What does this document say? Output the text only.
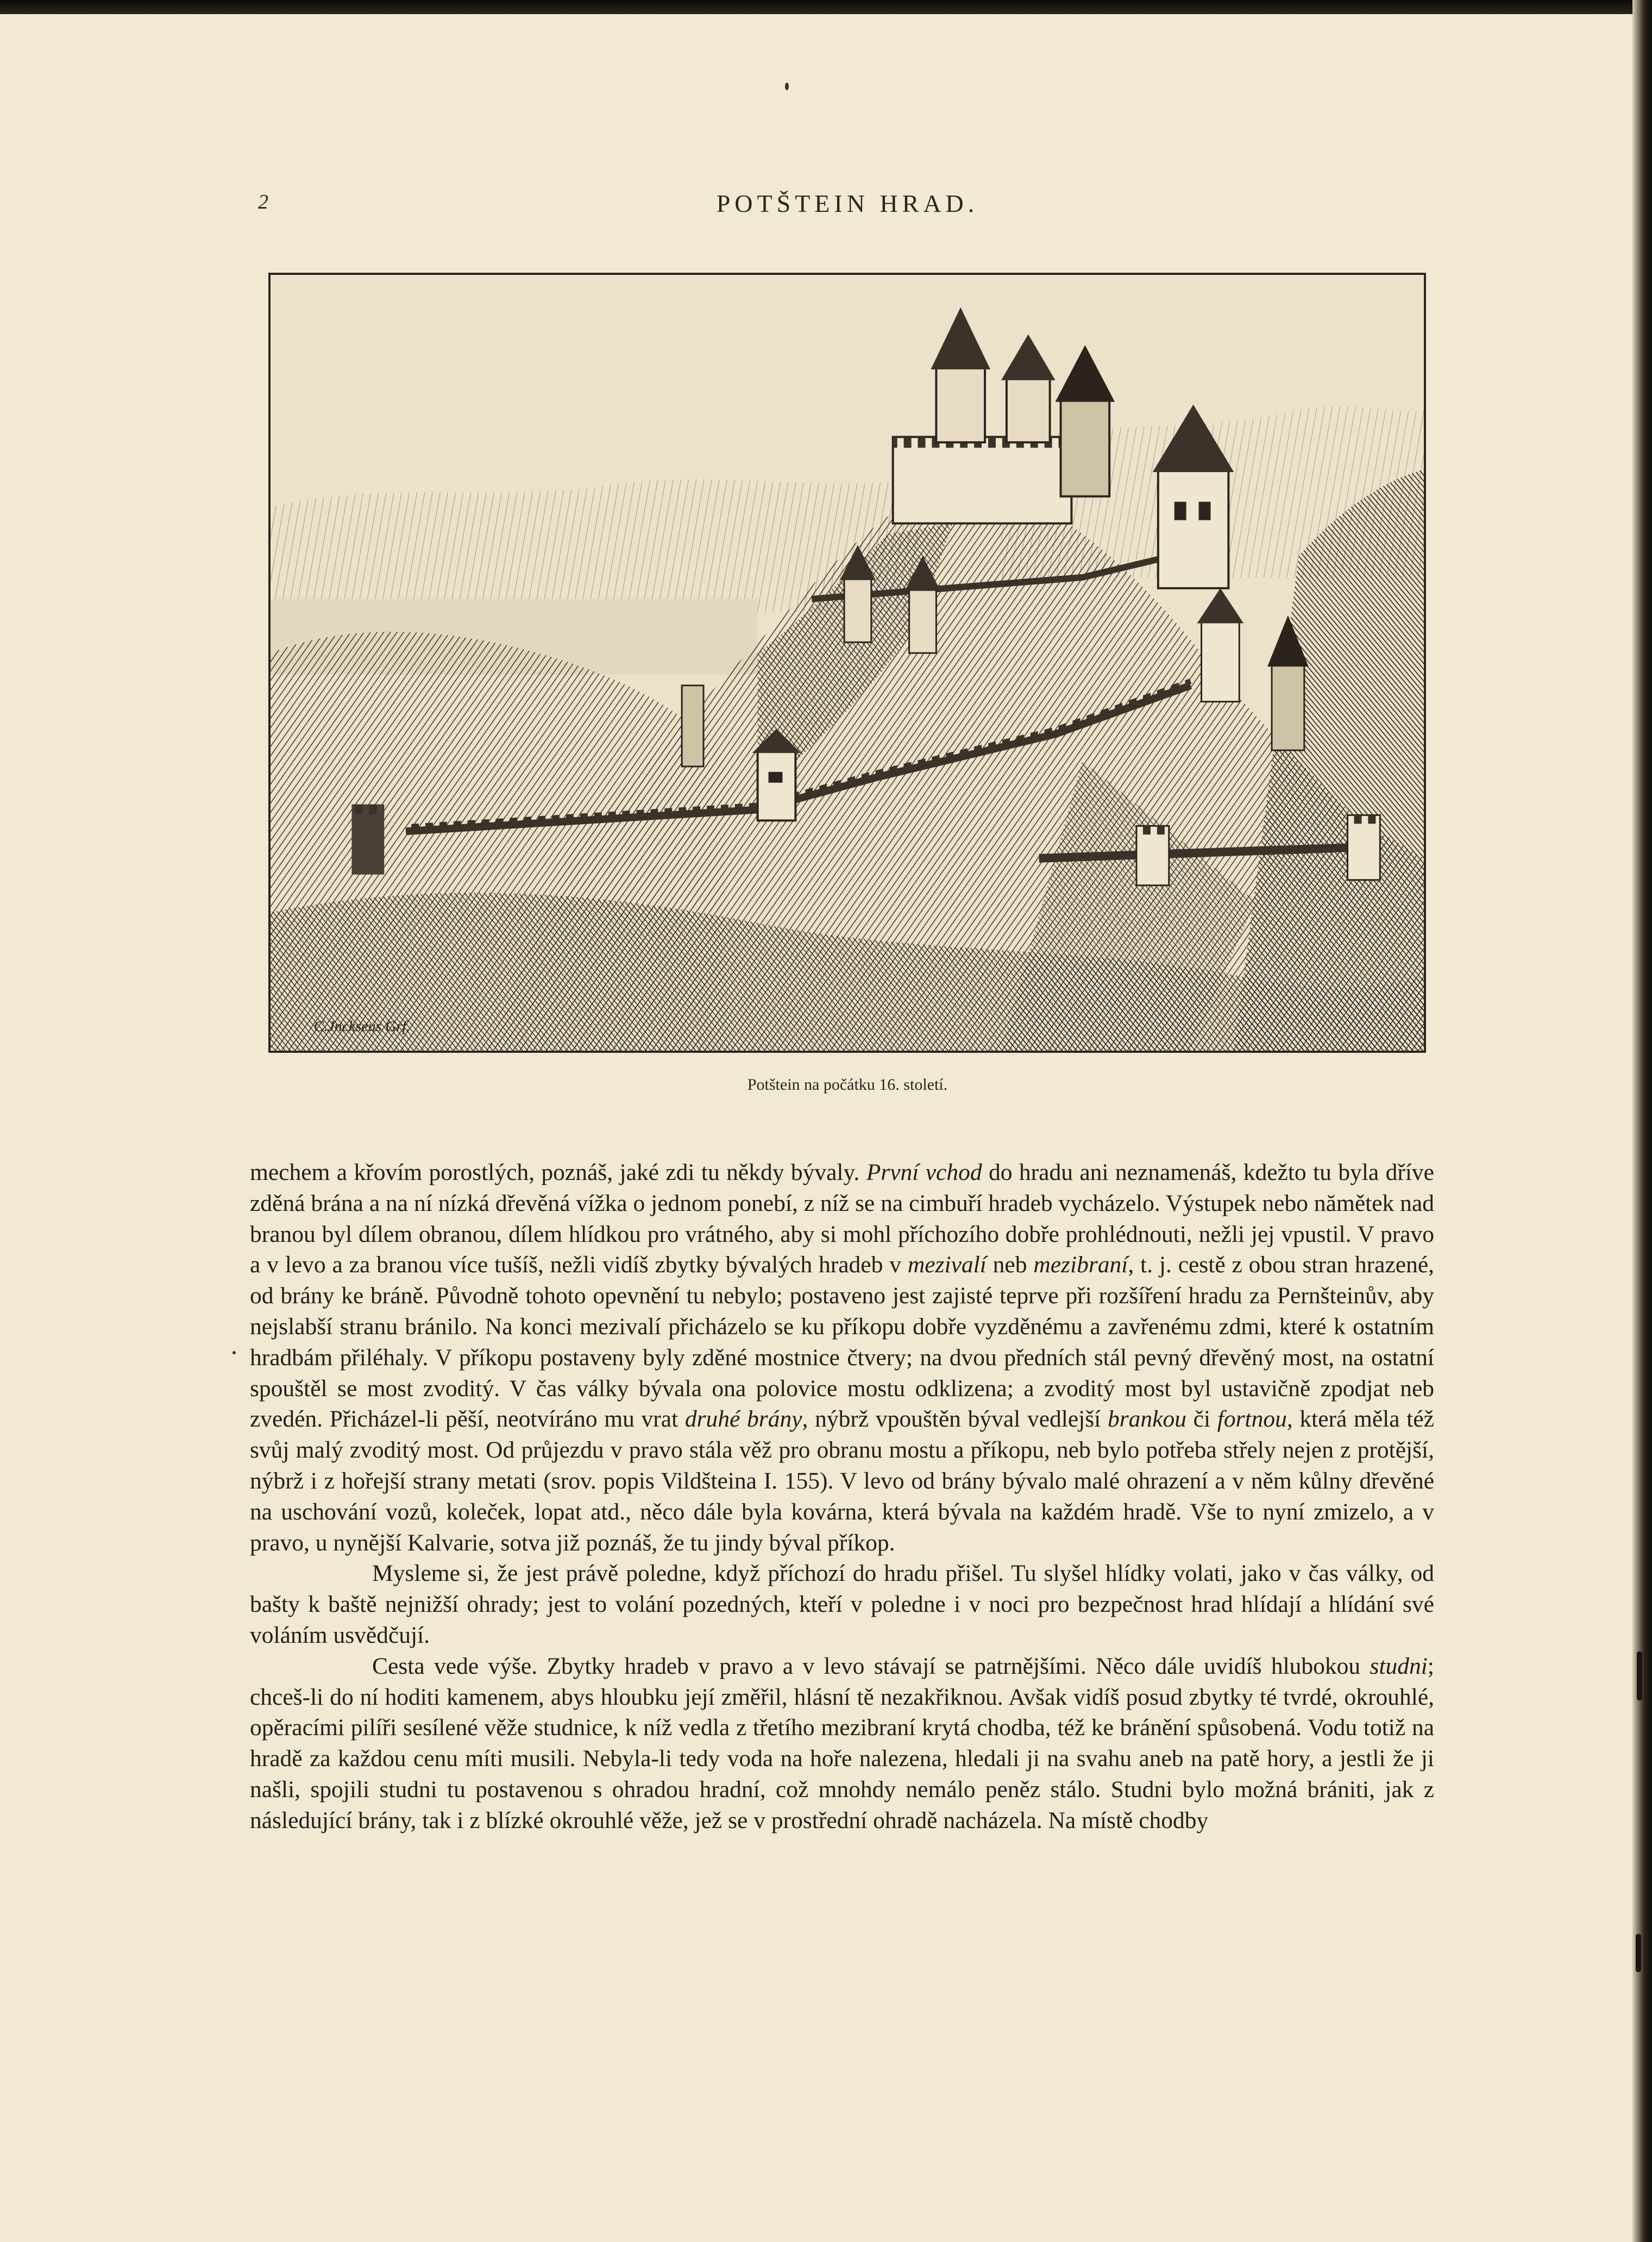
2	POTŠTEIN HRAD.
C.Jnckseus Grf.
Potštein na počátku 16. století.

mechem a křovím porostlých, poznáš, jaké zdi tu někdy bývaly. První vchod do hradu ani neznamenáš, kdežto tu byla dříve zděná brána a na ní nízká dřevěná vížka o jednom ponebí, z níž se na cimbuří hradeb vycházelo. Výstupek nebo nămětek nad branou byl dílem obranou, dílem hlídkou pro vrátného, aby si mohl příchozího dobře prohlédnouti, nežli jej vpustil. V pravo a v levo a za branou více tušíš, nežli vidíš zbytky bývalých hradeb v mezivalí neb mezibraní, t. j. cestě z obou stran hrazené, od brány ke bráně. Původně tohoto opevnění tu nebylo; postaveno jest zajisté teprve při rozšíření hradu za Pernšteinův, aby nejslabší stranu bránilo. Na konci mezivalí přicházelo se ku příkopu dobře vyzděnému a zavřenému zdmi, které k ostatním hradbám přiléhaly. V příkopu postaveny byly zděné mostnice čtvery; na dvou předních stál pevný dřevěný most, na ostatní spouštěl se most zvoditý. V čas války bývala ona polovice mostu odklizena; a zvoditý most byl ustavičně zpodjat neb zvedén. Přicházel-li pěší, neotvíráno mu vrat druhé brány, nýbrž vpouštěn býval vedlejší brankou či fortnou, která měla též svůj malý zvoditý most. Od průjezdu v pravo stála věž pro obranu mostu a příkopu, neb bylo potřeba střely nejen z protější, nýbrž i z hořejší strany metati (srov. popis Vildšteina I. 155). V levo od brány bývalo malé ohrazení a v něm kůlny dřevěné na uschování vozů, koleček, lopat atd., něco dále byla kovárna, která bývala na každém hradě. Vše to nyní zmizelo, a v pravo, u nynější Kalvarie, sotva již poznáš, že tu jindy býval příkop.

Mysleme si, že jest právě poledne, když příchozí do hradu přišel. Tu slyšel hlídky volati, jako v čas války, od bašty k baště nejnižší ohrady; jest to volání pozedných, kteří v poledne i v noci pro bezpečnost hrad hlídají a hlídání své voláním usvědčují.

Cesta vede výše. Zbytky hradeb v pravo a v levo stávají se patrnějšími. Něco dále uvidíš hlubokou studni; chceš-li do ní hoditi kamenem, abys hloubku její změřil, hlásní tě nezakřiknou. Avšak vidíš posud zbytky té tvrdé, okrouhlé, opěracími pilíři sesílené věže studnice, k níž vedla z třetího mezibraní krytá chodba, též ke bránění spůsobená. Vodu totiž na hradě za každou cenu míti musili. Nebyla-li tedy voda na hoře nalezena, hledali ji na svahu aneb na patě hory, a jestli že ji našli, spojili studni tu postavenou s ohradou hradní, což mnohdy nemálo peněz stálo. Studni bylo možná brániti, jak z následující brány, tak i z blízké okrouhlé věže, jež se v prostřední ohradě nacházela. Na místě chodby
